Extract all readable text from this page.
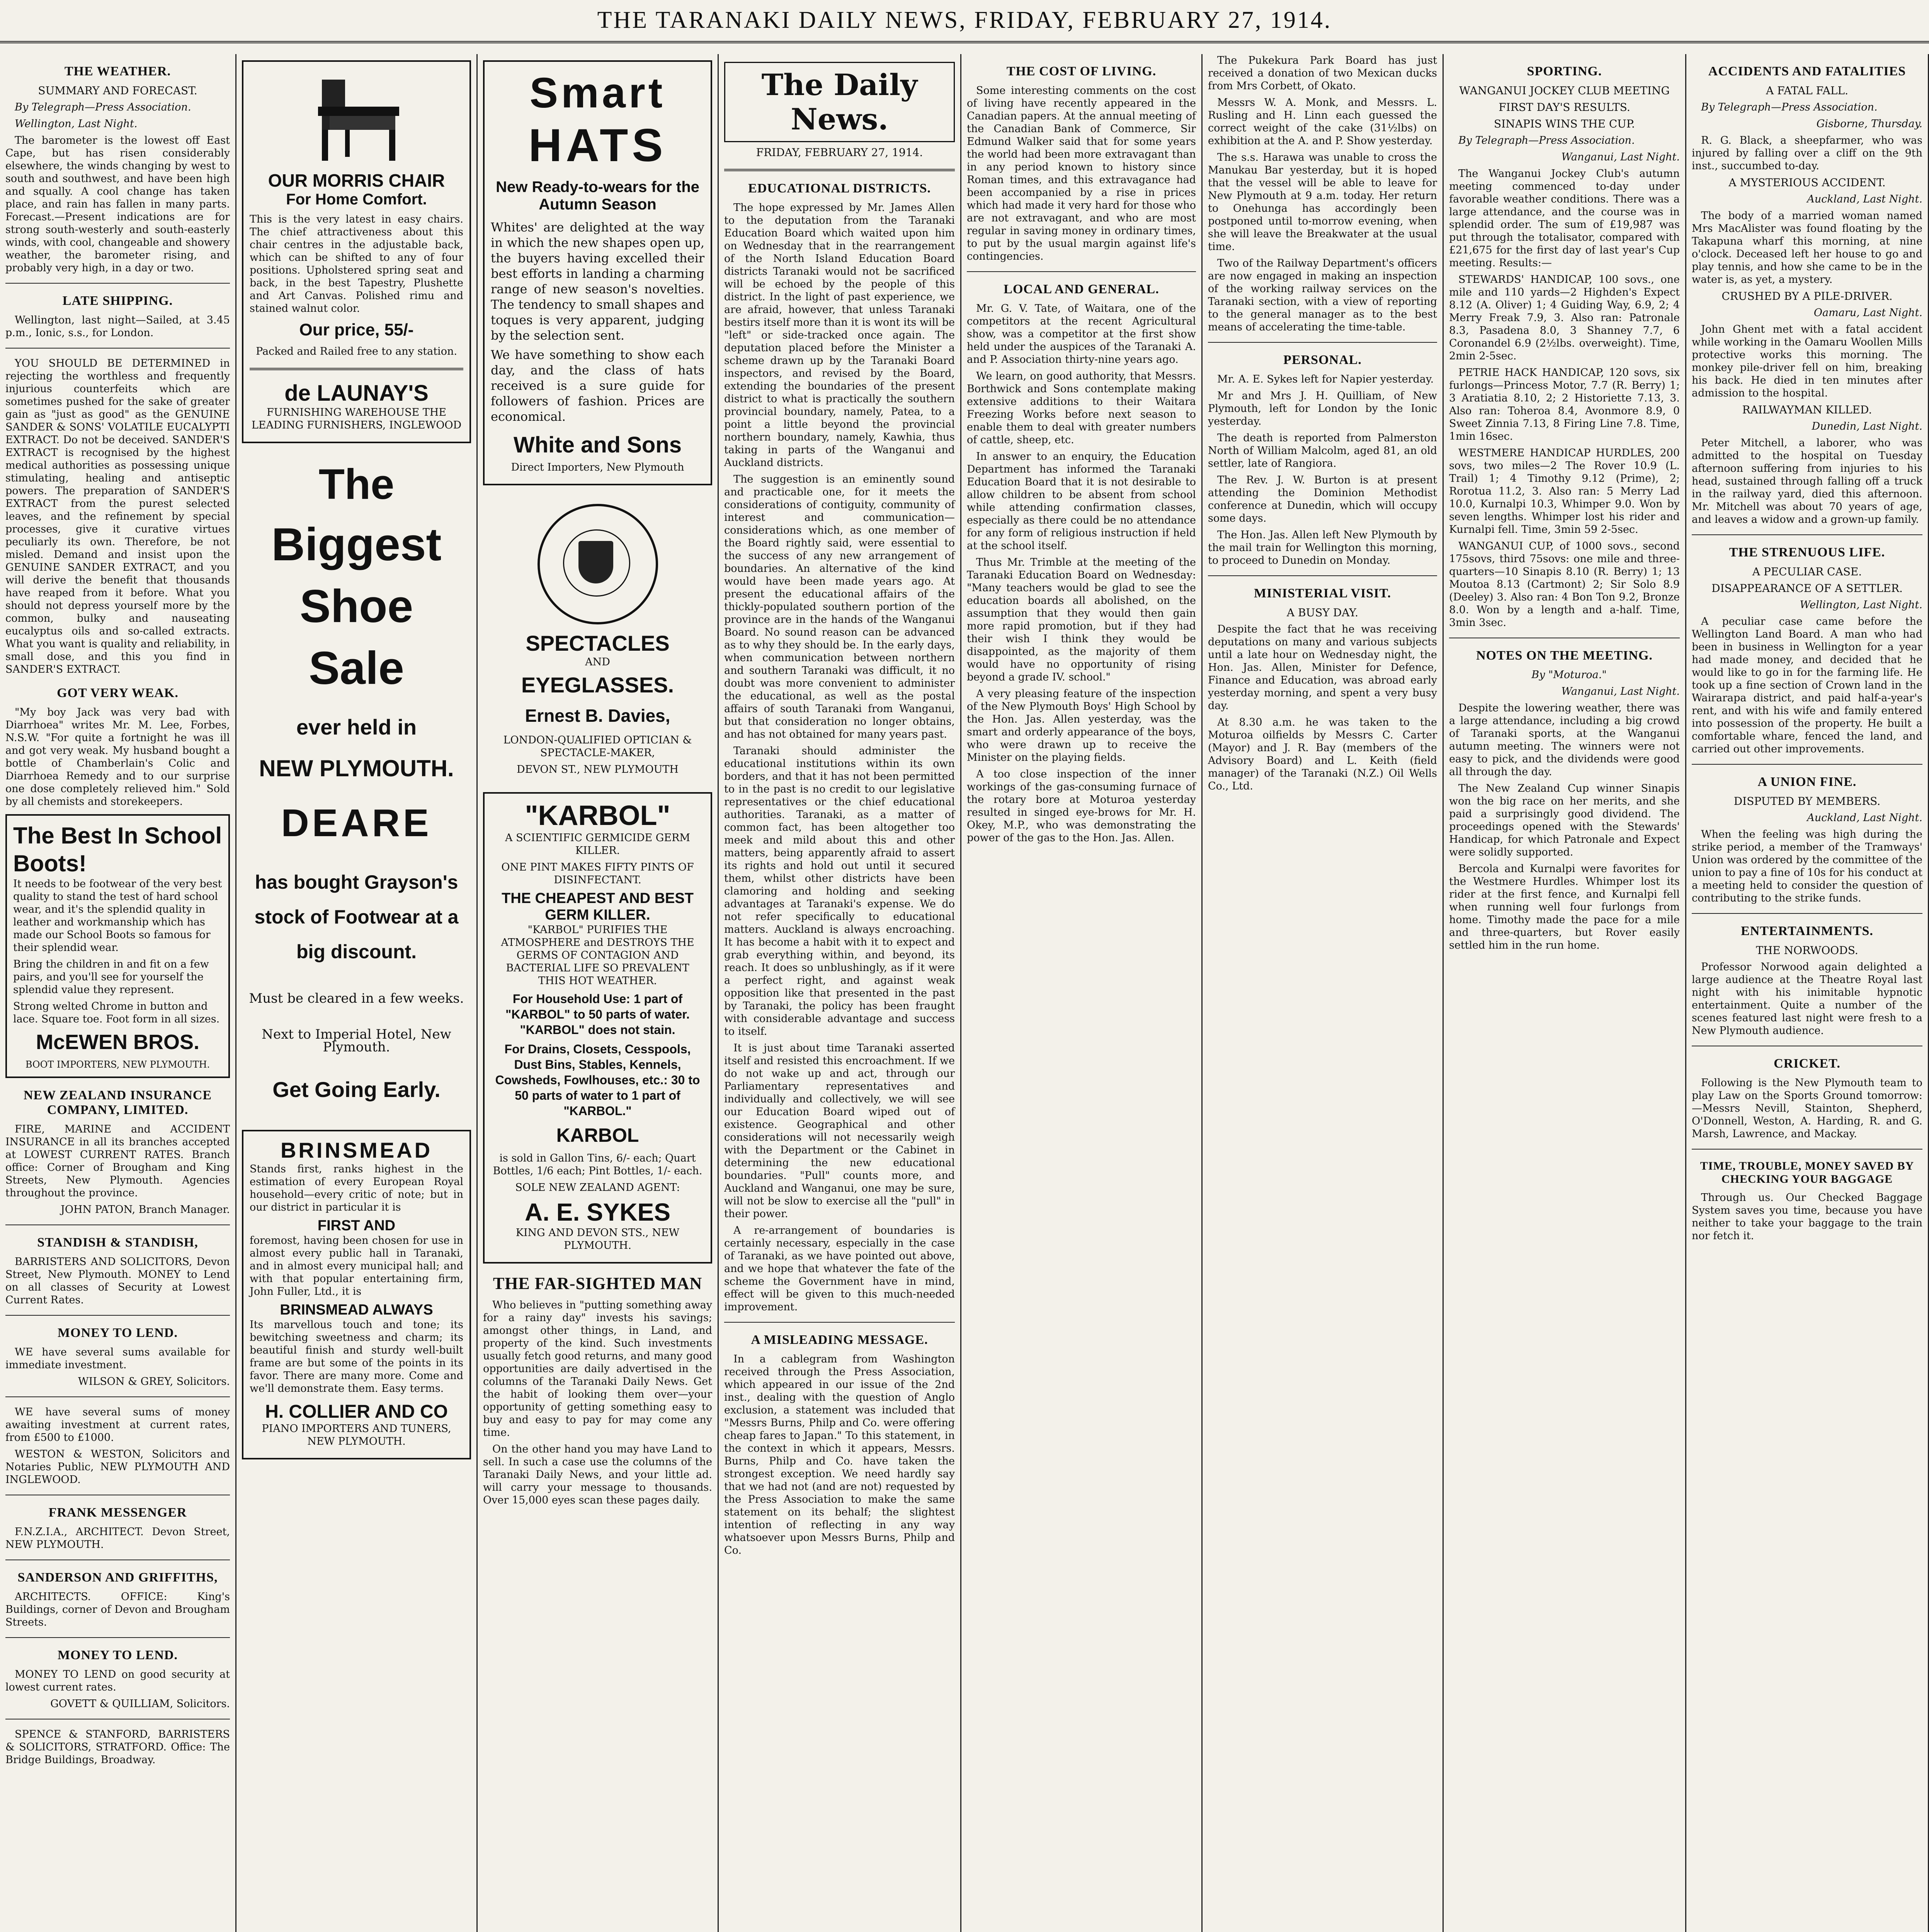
THE TARANAKI DAILY NEWS, FRIDAY, FEBRUARY 27, 1914.
THE WEATHER.
SUMMARY AND FORECAST.

By Telegraph—Press Association.

Wellington, Last Night.

The barometer is the lowest off East Cape, but has risen considerably elsewhere, the winds changing by west to south and southwest, and have been high and squally. A cool change has taken place, and rain has fallen in many parts. Forecast.—Present indications are for strong south-westerly and south-easterly winds, with cool, changeable and showery weather, the barometer rising, and probably very high, in a day or two.

LATE SHIPPING.

Wellington, last night—Sailed, at 3.45 p.m., Ionic, s.s., for London.

YOU SHOULD BE DETERMINED in rejecting the worthless and frequently injurious counterfeits which are sometimes pushed for the sake of greater gain as "just as good" as the GENUINE SANDER & SONS' VOLATILE EUCALYPTI EXTRACT. Do not be deceived. SANDER'S EXTRACT is recognised by the highest medical authorities as possessing unique stimulating, healing and antiseptic powers. The preparation of SANDER'S EXTRACT from the purest selected leaves, and the refinement by special processes, give it curative virtues peculiarly its own. Therefore, be not misled. Demand and insist upon the GENUINE SANDER EXTRACT, and you will derive the benefit that thousands have reaped from it before. What you should not depress yourself more by the common, bulky and nauseating eucalyptus oils and so-called extracts. What you want is quality and reliability, in small dose, and this you find in SANDER'S EXTRACT.

GOT VERY WEAK.

"My boy Jack was very bad with Diarrhoea" writes Mr. M. Lee, Forbes, N.S.W. "For quite a fortnight he was ill and got very weak. My husband bought a bottle of Chamberlain's Colic and Diarrhoea Remedy and to our surprise one dose completely relieved him." Sold by all chemists and storekeepers.

The Best In School Boots!

It needs to be footwear of the very best quality to stand the test of hard school wear, and it's the splendid quality in leather and workmanship which has made our School Boots so famous for their splendid wear.

Bring the children in and fit on a few pairs, and you'll see for yourself the splendid value they represent.

Strong welted Chrome in button and lace. Square toe. Foot form in all sizes.

McEWEN BROS.
BOOT IMPORTERS, NEW PLYMOUTH.
NEW ZEALAND INSURANCE COMPANY, LIMITED.

FIRE, MARINE and ACCIDENT INSURANCE in all its branches accepted at LOWEST CURRENT RATES. Branch office: Corner of Brougham and King Streets, New Plymouth. Agencies throughout the province.

JOHN PATON, Branch Manager.

STANDISH & STANDISH,

BARRISTERS AND SOLICITORS, Devon Street, New Plymouth. MONEY to Lend on all classes of Security at Lowest Current Rates.

MONEY TO LEND.

WE have several sums available for immediate investment.

WILSON & GREY, Solicitors.

WE have several sums of money awaiting investment at current rates, from £500 to £1000.

WESTON & WESTON, Solicitors and Notaries Public, NEW PLYMOUTH AND INGLEWOOD.

FRANK MESSENGER

F.N.Z.I.A., ARCHITECT. Devon Street, NEW PLYMOUTH.

SANDERSON AND GRIFFITHS,

ARCHITECTS. OFFICE: King's Buildings, corner of Devon and Brougham Streets.

MONEY TO LEND.

MONEY TO LEND on good security at lowest current rates.

GOVETT & QUILLIAM, Solicitors.

SPENCE & STANFORD, BARRISTERS & SOLICITORS, STRATFORD. Office: The Bridge Buildings, Broadway.

OUR MORRIS CHAIR
For Home Comfort.

This is the very latest in easy chairs. The chief attractiveness about this chair centres in the adjustable back, which can be shifted to any of four positions. Upholstered spring seat and back, in the best Tapestry, Plushette and Art Canvas. Polished rimu and stained walnut color.

Our price, 55/-

Packed and Railed free to any station.

de LAUNAY'S

FURNISHING WAREHOUSE THE LEADING FURNISHERS, INGLEWOOD

The
Biggest
Shoe
Sale
ever held in
NEW PLYMOUTH.
DEARE
has bought Grayson's stock of Footwear at a big discount.

Must be cleared in a few weeks.

Next to Imperial Hotel, New Plymouth.

Get Going Early.
BRINSMEAD

Stands first, ranks highest in the estimation of every European Royal household—every critic of note; but in our district in particular it is

FIRST AND

foremost, having been chosen for use in almost every public hall in Taranaki, and in almost every municipal hall; and with that popular entertaining firm, John Fuller, Ltd., it is

BRINSMEAD ALWAYS

Its marvellous touch and tone; its bewitching sweetness and charm; its beautiful finish and sturdy well-built frame are but some of the points in its favor. There are many more. Come and we'll demonstrate them. Easy terms.

H. COLLIER AND CO

PIANO IMPORTERS AND TUNERS, NEW PLYMOUTH.

Smart
HATS
New Ready-to-wears for the Autumn Season

Whites' are delighted at the way in which the new shapes open up, the buyers having excelled their best efforts in landing a charming range of new season's novelties. The tendency to small shapes and toques is very apparent, judging by the selection sent.

We have something to show each day, and the class of hats received is a sure guide for followers of fashion. Prices are economical.

White and Sons

Direct Importers, New Plymouth

SPECTACLES

AND

EYEGLASSES.
Ernest B. Davies,

LONDON-QUALIFIED OPTICIAN & SPECTACLE-MAKER,

DEVON ST., NEW PLYMOUTH

"KARBOL"

A SCIENTIFIC GERMICIDE GERM KILLER.

ONE PINT MAKES FIFTY PINTS OF DISINFECTANT.

THE CHEAPEST AND BEST GERM KILLER.

"KARBOL" PURIFIES THE ATMOSPHERE and DESTROYS THE GERMS OF CONTAGION AND BACTERIAL LIFE SO PREVALENT THIS HOT WEATHER.

For Household Use: 1 part of "KARBOL" to 50 parts of water. "KARBOL" does not stain.
For Drains, Closets, Cesspools, Dust Bins, Stables, Kennels, Cowsheds, Fowlhouses, etc.: 30 to 50 parts of water to 1 part of "KARBOL."
KARBOL

is sold in Gallon Tins, 6/- each; Quart Bottles, 1/6 each; Pint Bottles, 1/- each.

SOLE NEW ZEALAND AGENT:

A. E. SYKES

KING AND DEVON STS., NEW PLYMOUTH.

THE FAR-SIGHTED MAN

Who believes in "putting something away for a rainy day" invests his savings; amongst other things, in Land, and property of the kind. Such investments usually fetch good returns, and many good opportunities are daily advertised in the columns of the Taranaki Daily News. Get the habit of looking them over—your opportunity of getting something easy to buy and easy to pay for may come any time.

On the other hand you may have Land to sell. In such a case use the columns of the Taranaki Daily News, and your little ad. will carry your message to thousands. Over 15,000 eyes scan these pages daily.

The Daily News.
FRIDAY, FEBRUARY 27, 1914.
EDUCATIONAL DISTRICTS.

The hope expressed by Mr. James Allen to the deputation from the Taranaki Education Board which waited upon him on Wednesday that in the rearrangement of the North Island Education Board districts Taranaki would not be sacrificed will be echoed by the people of this district. In the light of past experience, we are afraid, however, that unless Taranaki bestirs itself more than it is wont its will be "left" or side-tracked once again. The deputation placed before the Minister a scheme drawn up by the Taranaki Board inspectors, and revised by the Board, extending the boundaries of the present district to what is practically the southern provincial boundary, namely, Patea, to a point a little beyond the provincial northern boundary, namely, Kawhia, thus taking in parts of the Wanganui and Auckland districts.

The suggestion is an eminently sound and practicable one, for it meets the considerations of contiguity, community of interest and communication—considerations which, as one member of the Board rightly said, were essential to the success of any new arrangement of boundaries. An alternative of the kind would have been made years ago. At present the educational affairs of the thickly-populated southern portion of the province are in the hands of the Wanganui Board. No sound reason can be advanced as to why they should be. In the early days, when communication between northern and southern Taranaki was difficult, it no doubt was more convenient to administer the educational, as well as the postal affairs of south Taranaki from Wanganui, but that consideration no longer obtains, and has not obtained for many years past.

Taranaki should administer the educational institutions within its own borders, and that it has not been permitted to in the past is no credit to our legislative representatives or the chief educational authorities. Taranaki, as a matter of common fact, has been altogether too meek and mild about this and other matters, being apparently afraid to assert its rights and hold out until it secured them, whilst other districts have been clamoring and holding and seeking advantages at Taranaki's expense. We do not refer specifically to educational matters. Auckland is always encroaching. It has become a habit with it to expect and grab everything within, and beyond, its reach. It does so unblushingly, as if it were a perfect right, and against weak opposition like that presented in the past by Taranaki, the policy has been fraught with considerable advantage and success to itself.

It is just about time Taranaki asserted itself and resisted this encroachment. If we do not wake up and act, through our Parliamentary representatives and individually and collectively, we will see our Education Board wiped out of existence. Geographical and other considerations will not necessarily weigh with the Department or the Cabinet in determining the new educational boundaries. "Pull" counts more, and Auckland and Wanganui, one may be sure, will not be slow to exercise all the "pull" in their power.

A re-arrangement of boundaries is certainly necessary, especially in the case of Taranaki, as we have pointed out above, and we hope that whatever the fate of the scheme the Government have in mind, effect will be given to this much-needed improvement.

A MISLEADING MESSAGE.

In a cablegram from Washington received through the Press Association, which appeared in our issue of the 2nd inst., dealing with the question of Anglo exclusion, a statement was included that "Messrs Burns, Philp and Co. were offering cheap fares to Japan." To this statement, in the context in which it appears, Messrs. Burns, Philp and Co. have taken the strongest exception. We need hardly say that we had not (and are not) requested by the Press Association to make the same statement on its behalf; the slightest intention of reflecting in any way whatsoever upon Messrs Burns, Philp and Co.

THE COST OF LIVING.

Some interesting comments on the cost of living have recently appeared in the Canadian papers. At the annual meeting of the Canadian Bank of Commerce, Sir Edmund Walker said that for some years the world had been more extravagant than in any period known to history since Roman times, and this extravagance had been accompanied by a rise in prices which had made it very hard for those who are not extravagant, and who are most regular in saving money in ordinary times, to put by the usual margin against life's contingencies.

LOCAL AND GENERAL.

Mr. G. V. Tate, of Waitara, one of the competitors at the recent Agricultural show, was a competitor at the first show held under the auspices of the Taranaki A. and P. Association thirty-nine years ago.

We learn, on good authority, that Messrs. Borthwick and Sons contemplate making extensive additions to their Waitara Freezing Works before next season to enable them to deal with greater numbers of cattle, sheep, etc.

In answer to an enquiry, the Education Department has informed the Taranaki Education Board that it is not desirable to allow children to be absent from school while attending confirmation classes, especially as there could be no attendance for any form of religious instruction if held at the school itself.

Thus Mr. Trimble at the meeting of the Taranaki Education Board on Wednesday: "Many teachers would be glad to see the education boards all abolished, on the assumption that they would then gain more rapid promotion, but if they had their wish I think they would be disappointed, as the majority of them would have no opportunity of rising beyond a grade IV. school."

A very pleasing feature of the inspection of the New Plymouth Boys' High School by the Hon. Jas. Allen yesterday, was the smart and orderly appearance of the boys, who were drawn up to receive the Minister on the playing fields.

A too close inspection of the inner workings of the gas-consuming furnace of the rotary bore at Moturoa yesterday resulted in singed eye-brows for Mr. H. Okey, M.P., who was demonstrating the power of the gas to the Hon. Jas. Allen.

The Pukekura Park Board has just received a donation of two Mexican ducks from Mrs Corbett, of Okato.

Messrs W. A. Monk, and Messrs. L. Rusling and H. Linn each guessed the correct weight of the cake (31½lbs) on exhibition at the A. and P. Show yesterday.

The s.s. Harawa was unable to cross the Manukau Bar yesterday, but it is hoped that the vessel will be able to leave for New Plymouth at 9 a.m. today. Her return to Onehunga has accordingly been postponed until to-morrow evening, when she will leave the Breakwater at the usual time.

Two of the Railway Department's officers are now engaged in making an inspection of the working railway services on the Taranaki section, with a view of reporting to the general manager as to the best means of accelerating the time-table.

PERSONAL.

Mr. A. E. Sykes left for Napier yesterday.

Mr and Mrs J. H. Quilliam, of New Plymouth, left for London by the Ionic yesterday.

The death is reported from Palmerston North of William Malcolm, aged 81, an old settler, late of Rangiora.

The Rev. J. W. Burton is at present attending the Dominion Methodist conference at Dunedin, which will occupy some days.

The Hon. Jas. Allen left New Plymouth by the mail train for Wellington this morning, to proceed to Dunedin on Monday.

MINISTERIAL VISIT.
A BUSY DAY.

Despite the fact that he was receiving deputations on many and various subjects until a late hour on Wednesday night, the Hon. Jas. Allen, Minister for Defence, Finance and Education, was abroad early yesterday morning, and spent a very busy day.

At 8.30 a.m. he was taken to the Moturoa oilfields by Messrs C. Carter (Mayor) and J. R. Bay (members of the Advisory Board) and L. Keith (field manager) of the Taranaki (N.Z.) Oil Wells Co., Ltd.

SPORTING.
WANGANUI JOCKEY CLUB MEETING
FIRST DAY'S RESULTS.
SINAPIS WINS THE CUP.

By Telegraph—Press Association.

Wanganui, Last Night.

The Wanganui Jockey Club's autumn meeting commenced to-day under favorable weather conditions. There was a large attendance, and the course was in splendid order. The sum of £19,987 was put through the totalisator, compared with £21,675 for the first day of last year's Cup meeting. Results:—

STEWARDS' HANDICAP, 100 sovs., one mile and 110 yards—2 Highden's Expect 8.12 (A. Oliver) 1; 4 Guiding Way, 6.9, 2; 4 Merry Freak 7.9, 3. Also ran: Patronale 8.3, Pasadena 8.0, 3 Shanney 7.7, 6 Coronandel 6.9 (2½lbs. overweight). Time, 2min 2-5sec.

PETRIE HACK HANDICAP, 120 sovs, six furlongs—Princess Motor, 7.7 (R. Berry) 1; 3 Aratiatia 8.10, 2; 2 Historiette 7.13, 3. Also ran: Toheroa 8.4, Avonmore 8.9, 0 Sweet Zinnia 7.13, 8 Firing Line 7.8. Time, 1min 16sec.

WESTMERE HANDICAP HURDLES, 200 sovs, two miles—2 The Rover 10.9 (L. Trail) 1; 4 Timothy 9.12 (Prime), 2; Rorotua 11.2, 3. Also ran: 5 Merry Lad 10.0, Kurnalpi 10.3, Whimper 9.0. Won by seven lengths. Whimper lost his rider and Kurnalpi fell. Time, 3min 59 2-5sec.

WANGANUI CUP, of 1000 sovs., second 175sovs, third 75sovs: one mile and three-quarters—10 Sinapis 8.10 (R. Berry) 1; 13 Moutoa 8.13 (Cartmont) 2; Sir Solo 8.9 (Deeley) 3. Also ran: 4 Bon Ton 9.2, Bronze 8.0. Won by a length and a-half. Time, 3min 3sec.

NOTES ON THE MEETING.

By "Moturoa."

Wanganui, Last Night.

Despite the lowering weather, there was a large attendance, including a big crowd of Taranaki sports, at the Wanganui autumn meeting. The winners were not easy to pick, and the dividends were good all through the day.

The New Zealand Cup winner Sinapis won the big race on her merits, and she paid a surprisingly good dividend. The proceedings opened with the Stewards' Handicap, for which Patronale and Expect were solidly supported.

Bercola and Kurnalpi were favorites for the Westmere Hurdles. Whimper lost its rider at the first fence, and Kurnalpi fell when running well four furlongs from home. Timothy made the pace for a mile and three-quarters, but Rover easily settled him in the run home.

ACCIDENTS AND FATALITIES
A FATAL FALL.

By Telegraph—Press Association.

Gisborne, Thursday.

R. G. Black, a sheepfarmer, who was injured by falling over a cliff on the 9th inst., succumbed to-day.

A MYSTERIOUS ACCIDENT.

Auckland, Last Night.

The body of a married woman named Mrs MacAlister was found floating by the Takapuna wharf this morning, at nine o'clock. Deceased left her house to go and play tennis, and how she came to be in the water is, as yet, a mystery.

CRUSHED BY A PILE-DRIVER.

Oamaru, Last Night.

John Ghent met with a fatal accident while working in the Oamaru Woollen Mills protective works this morning. The monkey pile-driver fell on him, breaking his back. He died in ten minutes after admission to the hospital.

RAILWAYMAN KILLED.

Dunedin, Last Night.

Peter Mitchell, a laborer, who was admitted to the hospital on Tuesday afternoon suffering from injuries to his head, sustained through falling off a truck in the railway yard, died this afternoon. Mr. Mitchell was about 70 years of age, and leaves a widow and a grown-up family.

THE STRENUOUS LIFE.
A PECULIAR CASE.
DISAPPEARANCE OF A SETTLER.

Wellington, Last Night.

A peculiar case came before the Wellington Land Board. A man who had been in business in Wellington for a year had made money, and decided that he would like to go in for the farming life. He took up a fine section of Crown land in the Wairarapa district, and paid half-a-year's rent, and with his wife and family entered into possession of the property. He built a comfortable whare, fenced the land, and carried out other improvements.

A UNION FINE.
DISPUTED BY MEMBERS.

Auckland, Last Night.

When the feeling was high during the strike period, a member of the Tramways' Union was ordered by the committee of the union to pay a fine of 10s for his conduct at a meeting held to consider the question of contributing to the strike funds.

ENTERTAINMENTS.
THE NORWOODS.

Professor Norwood again delighted a large audience at the Theatre Royal last night with his inimitable hypnotic entertainment. Quite a number of the scenes featured last night were fresh to a New Plymouth audience.

CRICKET.

Following is the New Plymouth team to play Law on the Sports Ground tomorrow:—Messrs Nevill, Stainton, Shepherd, O'Donnell, Weston, A. Harding, R. and G. Marsh, Lawrence, and Mackay.

TIME, TROUBLE, MONEY SAVED BY CHECKING YOUR BAGGAGE

Through us. Our Checked Baggage System saves you time, because you have neither to take your baggage to the train nor fetch it.
